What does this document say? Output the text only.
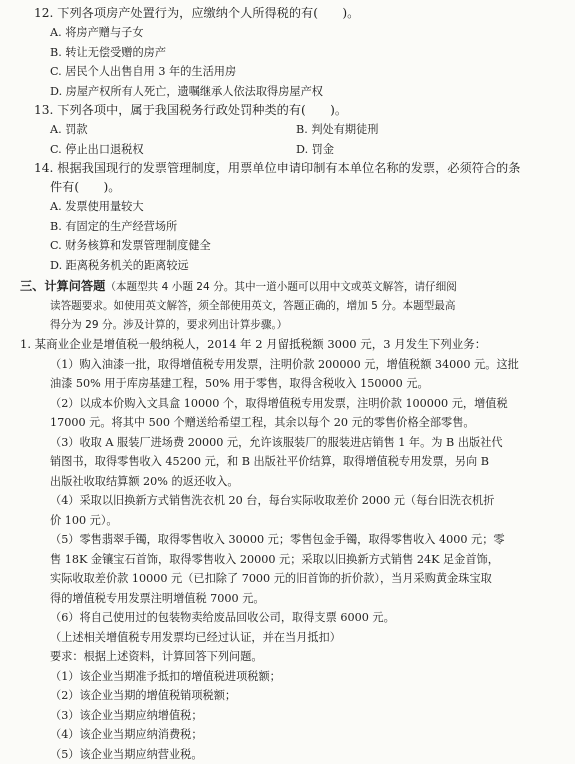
12. 下列各项房产处置行为，应缴纳个人所得税的有(　　)。
A. 将房产赠与子女
B. 转让无偿受赠的房产
C. 居民个人出售自用 3 年的生活用房
D. 房屋产权所有人死亡，遗嘱继承人依法取得房屋产权
13. 下列各项中，属于我国税务行政处罚种类的有(　　)。
A. 罚款	B. 判处有期徒刑
C. 停止出口退税权	D. 罚金
14. 根据我国现行的发票管理制度，用票单位申请印制有本单位名称的发票，必须符合的条
件有(　　)。
A. 发票使用量较大
B. 有固定的生产经营场所
C. 财务核算和发票管理制度健全
D. 距离税务机关的距离较远
三、计算问答题（本题型共 4 小题 24 分。其中一道小题可以用中文或英文解答，请仔细阅
读答题要求。如使用英文解答，须全部使用英文，答题正确的，增加 5 分。本题型最高
得分为 29 分。涉及计算的，要求列出计算步骤。）
1. 某商业企业是增值税一般纳税人，2014 年 2 月留抵税额 3000 元，3 月发生下列业务：
（1）购入油漆一批，取得增值税专用发票，注明价款 200000 元，增值税额 34000 元。这批
油漆 50% 用于库房基建工程，50% 用于零售，取得含税收入 150000 元。
（2）以成本价购入文具盒 10000 个，取得增值税专用发票，注明价款 100000 元，增值税
17000 元。将其中 500 个赠送给希望工程，其余以每个 20 元的零售价格全部零售。
（3）收取 A 服装厂进场费 20000 元，允许该服装厂的服装进店销售 1 年。为 B 出版社代
销图书，取得零售收入 45200 元，和 B 出版社平价结算，取得增值税专用发票，另向 B
出版社收取结算额 20% 的返还收入。
（4）采取以旧换新方式销售洗衣机 20 台，每台实际收取差价 2000 元（每台旧洗衣机折
价 100 元）。
（5）零售翡翠手镯，取得零售收入 30000 元；零售包金手镯，取得零售收入 4000 元；零
售 18K 金镶宝石首饰，取得零售收入 20000 元；采取以旧换新方式销售 24K 足金首饰，
实际收取差价款 10000 元（已扣除了 7000 元的旧首饰的折价款），当月采购黄金珠宝取
得的增值税专用发票注明增值税 7000 元。
（6）将自己使用过的包装物卖给废品回收公司，取得支票 6000 元。
（上述相关增值税专用发票均已经过认证，并在当月抵扣）
要求：根据上述资料，计算回答下列问题。
（1）该企业当期准予抵扣的增值税进项税额；
（2）该企业当期的增值税销项税额；
（3）该企业当期应纳增值税；
（4）该企业当期应纳消费税；
（5）该企业当期应纳营业税。
